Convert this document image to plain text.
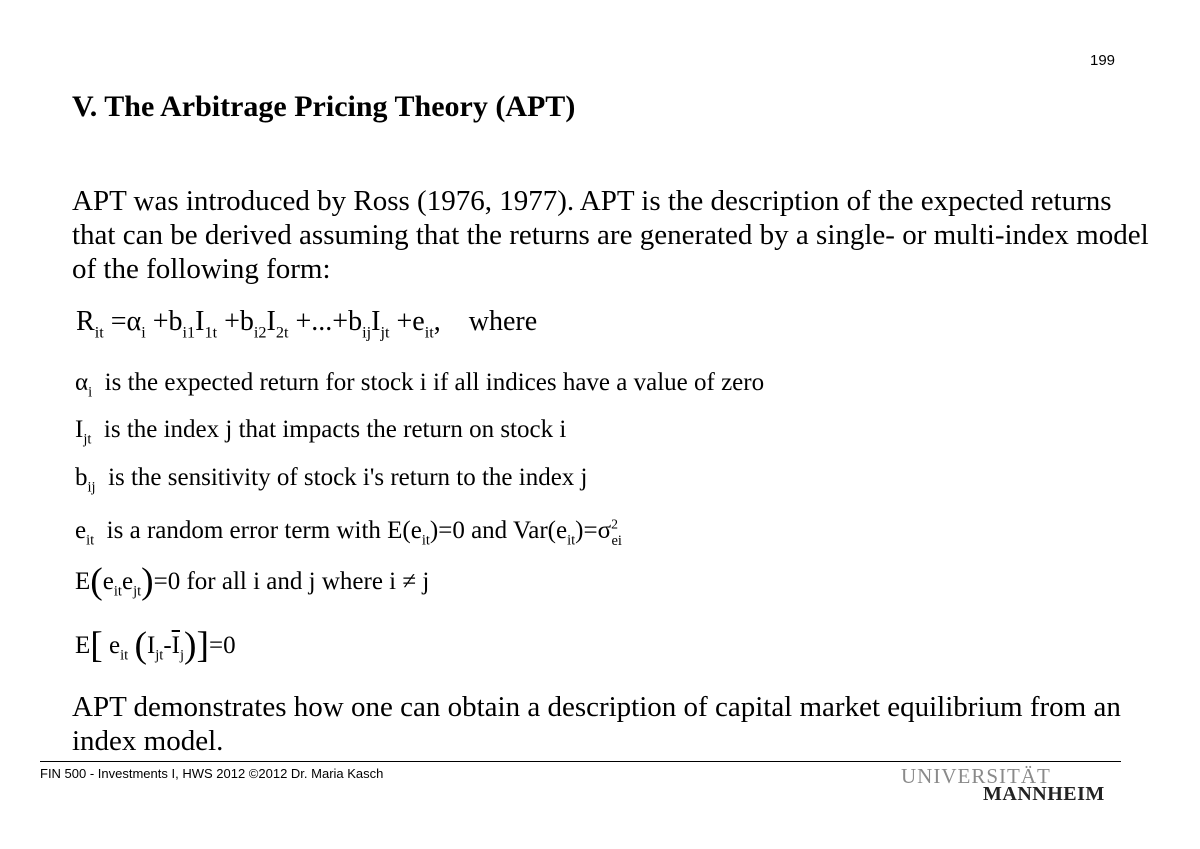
199
V. The Arbitrage Pricing Theory (APT)
APT was introduced by Ross (1976, 1977). APT is the description of the expected returns that can be derived assuming that the returns are generated by a single- or multi-index model of the following form:
$R_{it} =\alpha_i +b_{i1}I_{1t} +b_{i2}I_{2t} +...+b_{ij}I_{jt} +e_{it}$,    where
$\alpha_i$ is the expected return for stock i if all indices have a value of zero
$I_{jt}$ is the index j that impacts the return on stock i
$b_{ij}$ is the sensitivity of stock i's return to the index j
$e_{it}$ is a random error term with $E(e_{it})=0$ and $Var(e_{it})=\sigma^2_{ei}$
$E(e_{it}e_{jt})=0$ for all i and j where i ≠ j
E[ $e_{it}$ $(I_{jt}-\overline{I}_j)]=0$
APT demonstrates how one can obtain a description of capital market equilibrium from an index model.
FIN 500 - Investments I, HWS 2012 ©2012 Dr. Maria Kasch	UNIVERSITÄT
MANNHEIM
